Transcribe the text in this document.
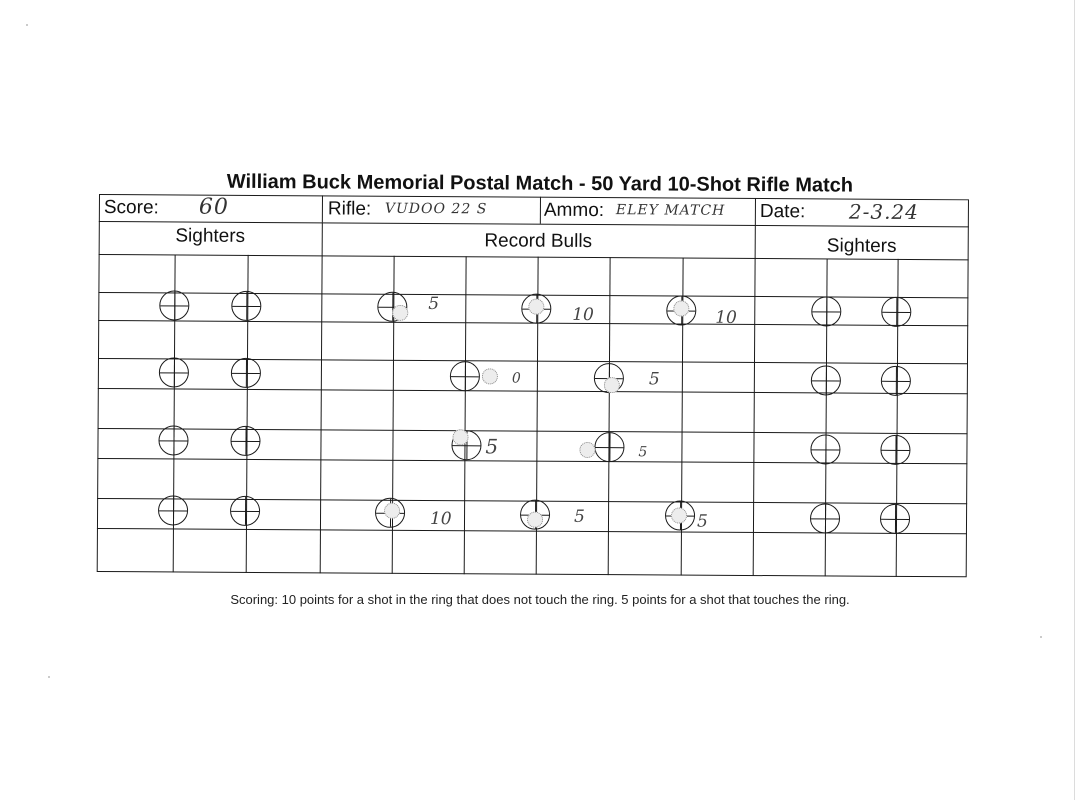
William Buck Memorial Postal Match - 50 Yard 10-Shot Rifle Match
Score: 60	Rifle: VUDOO 22 S	Ammo: ELEY MATCH Date: 2-3.24
Sighters	Record Bulls	Sighters
5
10	10
0	5
5	5
10	5	5
Scoring: 10 points for a shot in the ring that does not touch the ring. 5 points for a shot that touches the ring.
